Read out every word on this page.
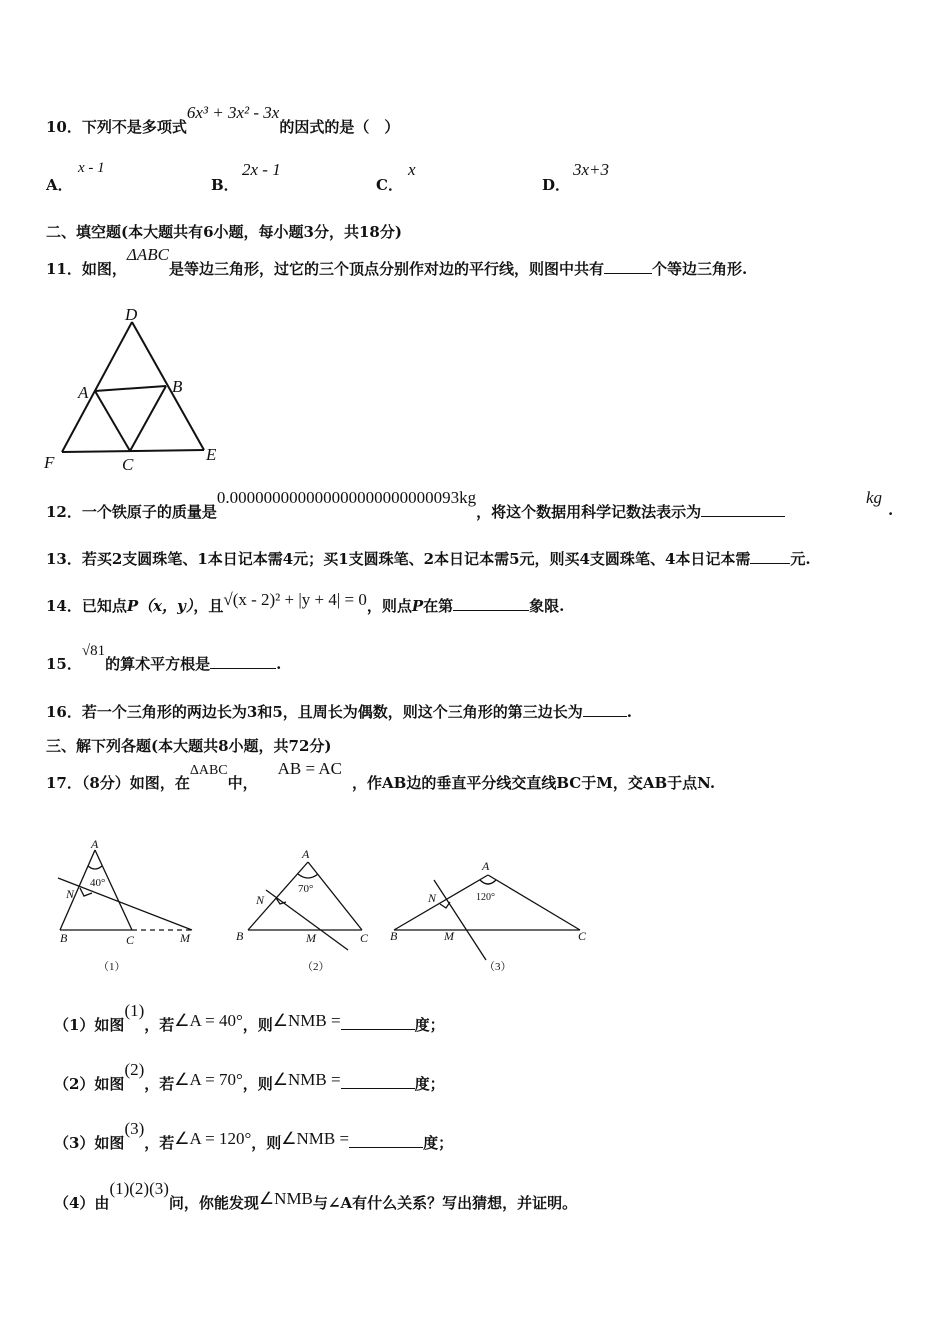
10．下列不是多项式6x³ + 3x² - 3x的因式的是（　）
A．
x - 1
B．
2x - 1
C．
x
D．
3x+3
二、填空题(本大题共有6小题，每小题3分，共18分)
11．如图，ΔABC是等边三角形，过它的三个顶点分别作对边的平行线，则图中共有	个等边三角形.
D
A	B
F	C
E
12．一个铁原子的质量是0.000000000000000000000000093kg，将这个数据用科学记数法表示为
kg
.
13．若买2支圆珠笔、1本日记本需4元；买1支圆珠笔、2本日记本需5元，则买4支圆珠笔、4本日记本需	元.
14．已知点P（x，y），且√(x - 2)² + |y + 4| = 0，则点P在第	象限.
15．√81的算术平方根是	.
16．若一个三角形的两边长为3和5，且周长为偶数，则这个三角形的第三边长为	.
三、解下列各题(本大题共8小题，共72分)
17．（8分）如图，在ΔABC中，AB = AC，作AB边的垂直平分线交直线BC于M，交AB于点N.
A
N
B	C	M
40°
（1）
A
N
B	M	C
70°
（2）
A
N
B	M	C
120°
（3）
（1）如图(1)，若∠A = 40°，则∠NMB =	度；
（2）如图(2)，若∠A = 70°，则∠NMB =	度；
（3）如图(3)，若∠A = 120°，则∠NMB =	度；
（4）由(1)(2)(3)问，你能发现∠NMB与∠A有什么关系？写出猜想，并证明。
